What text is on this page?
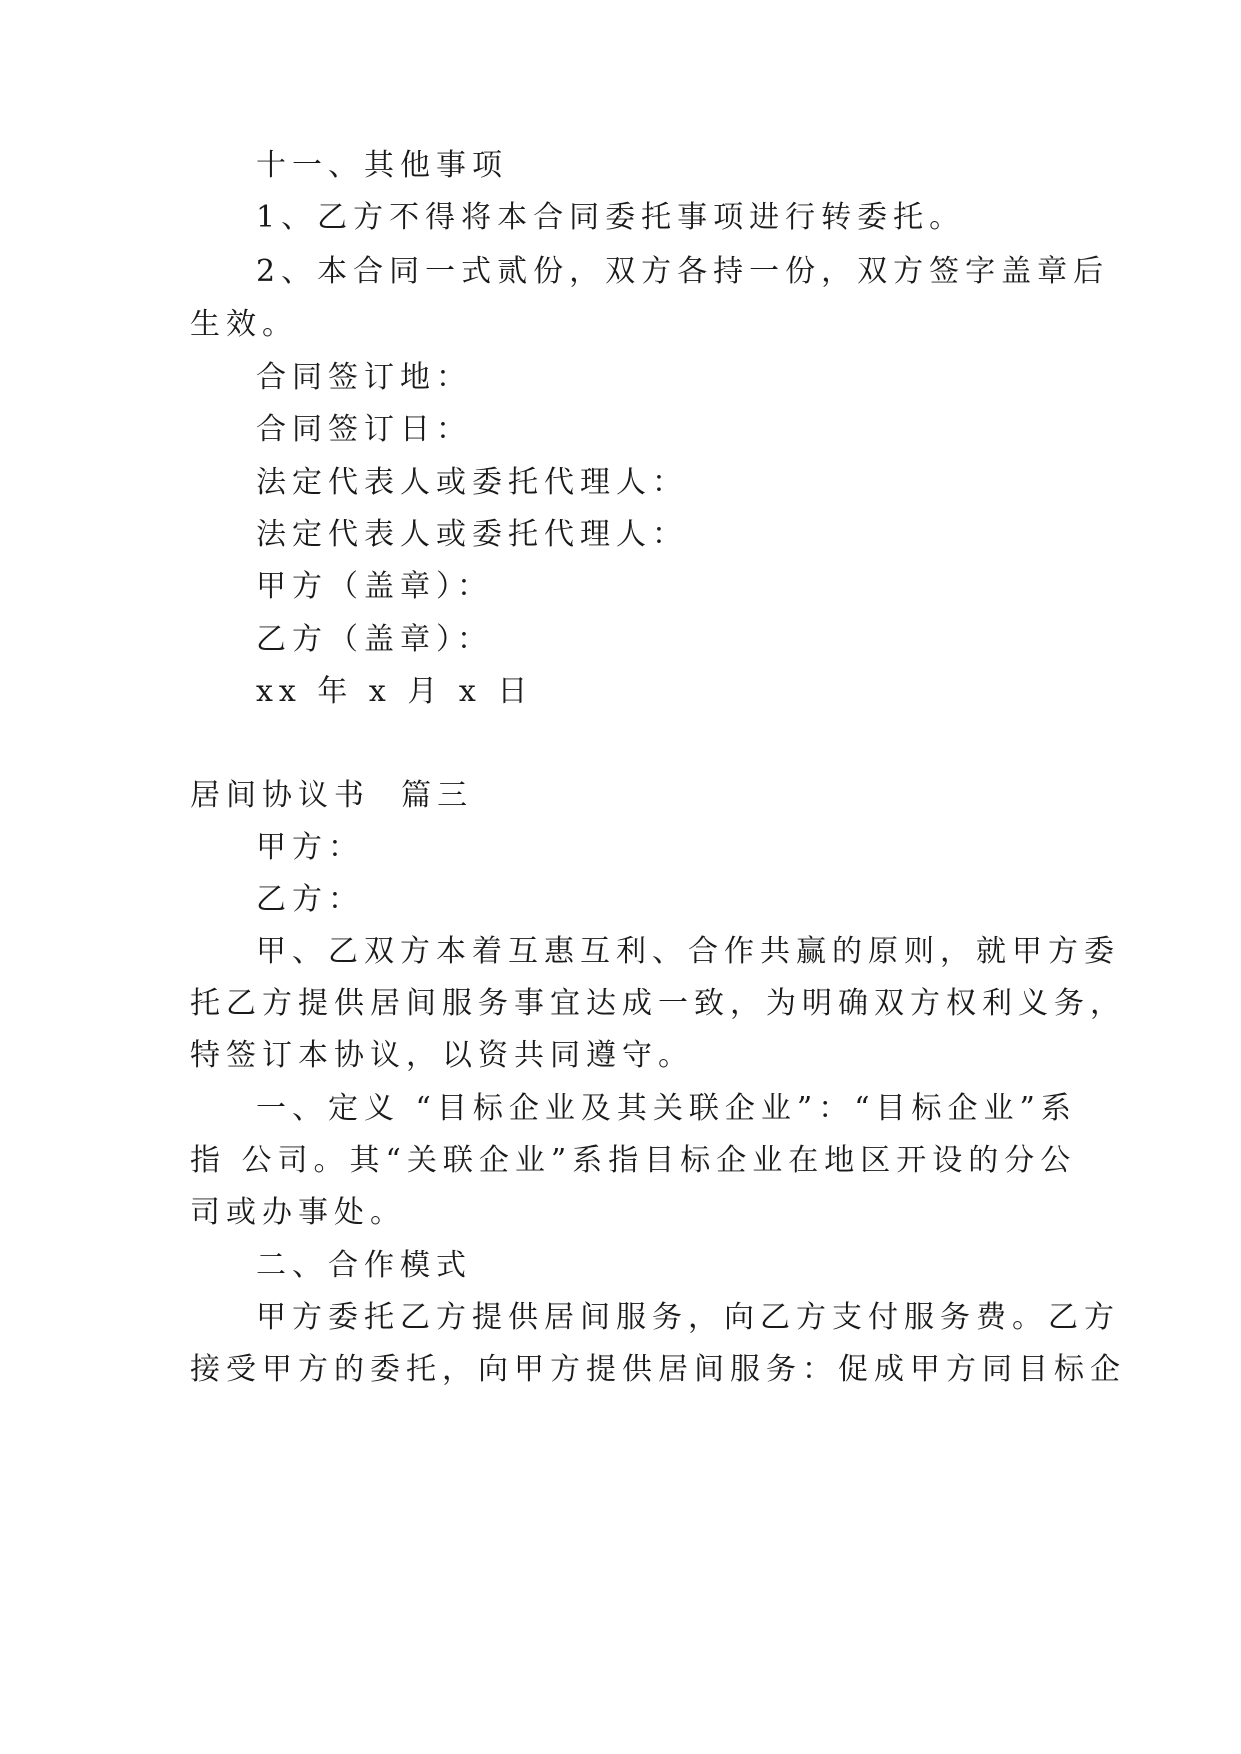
十一、其他事项
1、乙方不得将本合同委托事项进行转委托。
2、本合同一式贰份，双方各持一份，双方签字盖章后
生效。
合同签订地：
合同签订日：
法定代表人或委托代理人：
法定代表人或委托代理人：
甲方（盖章）：
乙方（盖章）：
xx 年 x 月 x 日
居间协议书  篇三
甲方：
乙方：
甲、乙双方本着互惠互利、合作共赢的原则，就甲方委
托乙方提供居间服务事宜达成一致，为明确双方权利义务，
特签订本协议，以资共同遵守。
一、定义 “目标企业及其关联企业”：“目标企业”系
指 公司。其“关联企业”系指目标企业在地区开设的分公
司或办事处。
二、合作模式
甲方委托乙方提供居间服务，向乙方支付服务费。乙方
接受甲方的委托，向甲方提供居间服务：促成甲方同目标企
